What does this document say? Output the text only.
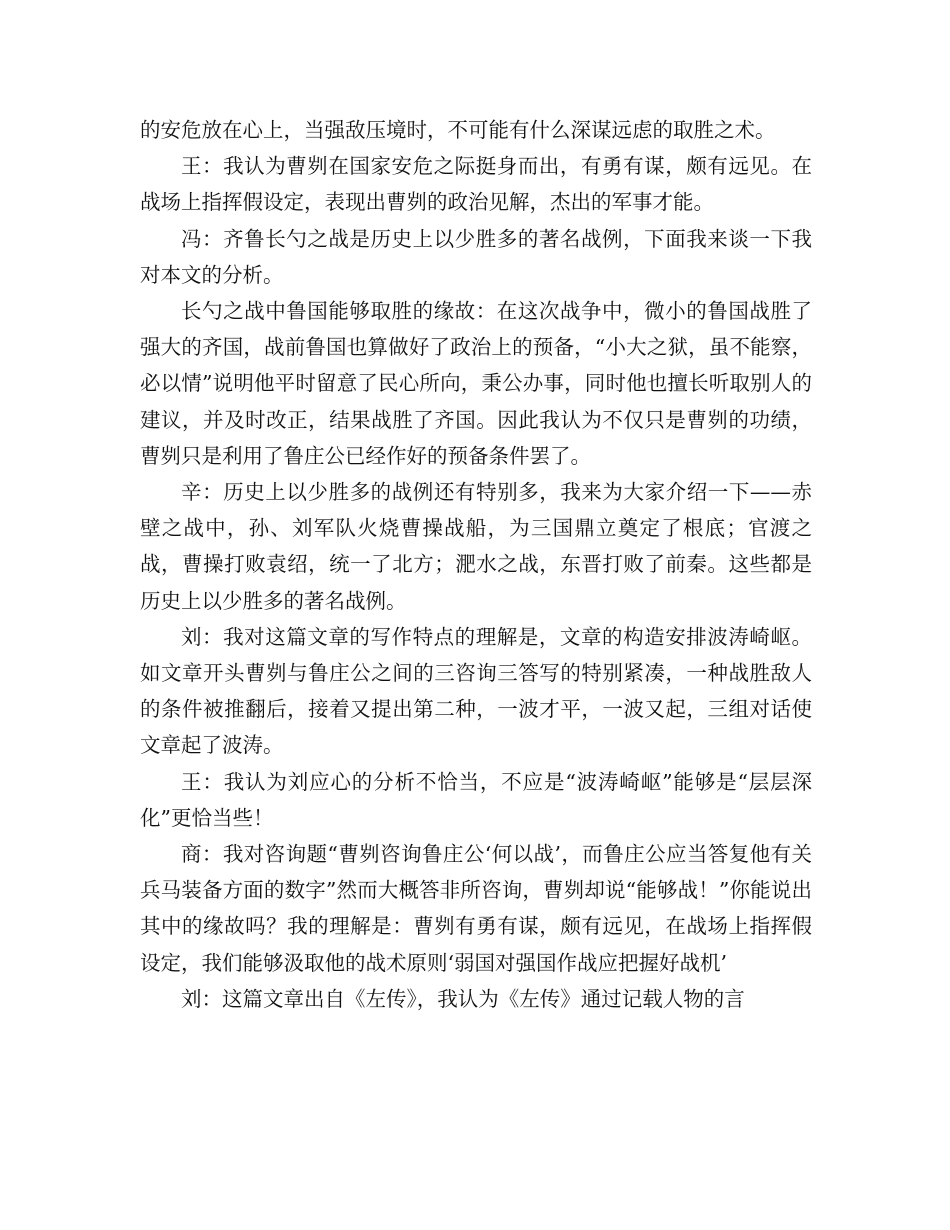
的安危放在心上，当强敌压境时，不可能有什么深谋远虑的取胜之术。

王：我认为曹刿在国家安危之际挺身而出，有勇有谋，颇有远见。在战场上指挥假设定，表现出曹刿的政治见解，杰出的军事才能。

冯：齐鲁长勺之战是历史上以少胜多的著名战例，下面我来谈一下我对本文的分析。

长勺之战中鲁国能够取胜的缘故：在这次战争中，微小的鲁国战胜了强大的齐国，战前鲁国也算做好了政治上的预备，“小大之狱，虽不能察，必以情”说明他平时留意了民心所向，秉公办事，同时他也擅长听取别人的建议，并及时改正，结果战胜了齐国。因此我认为不仅只是曹刿的功绩，曹刿只是利用了鲁庄公已经作好的预备条件罢了。

辛：历史上以少胜多的战例还有特别多，我来为大家介绍一下——赤壁之战中，孙、刘军队火烧曹操战船，为三国鼎立奠定了根底；官渡之战，曹操打败袁绍，统一了北方；淝水之战，东晋打败了前秦。这些都是历史上以少胜多的著名战例。

刘：我对这篇文章的写作特点的理解是，文章的构造安排波涛崎岖。如文章开头曹刿与鲁庄公之间的三咨询三答写的特别紧凑，一种战胜敌人的条件被推翻后，接着又提出第二种，一波才平，一波又起，三组对话使文章起了波涛。

王：我认为刘应心的分析不恰当，不应是“波涛崎岖”能够是“层层深化”更恰当些！

商：我对咨询题“曹刿咨询鲁庄公‘何以战’，而鲁庄公应当答复他有关兵马装备方面的数字”然而大概答非所咨询，曹刿却说“能够战！”你能说出其中的缘故吗？我的理解是：曹刿有勇有谋，颇有远见，在战场上指挥假设定，我们能够汲取他的战术原则‘弱国对强国作战应把握好战机’

刘：这篇文章出自《左传》，我认为《左传》通过记载人物的言
